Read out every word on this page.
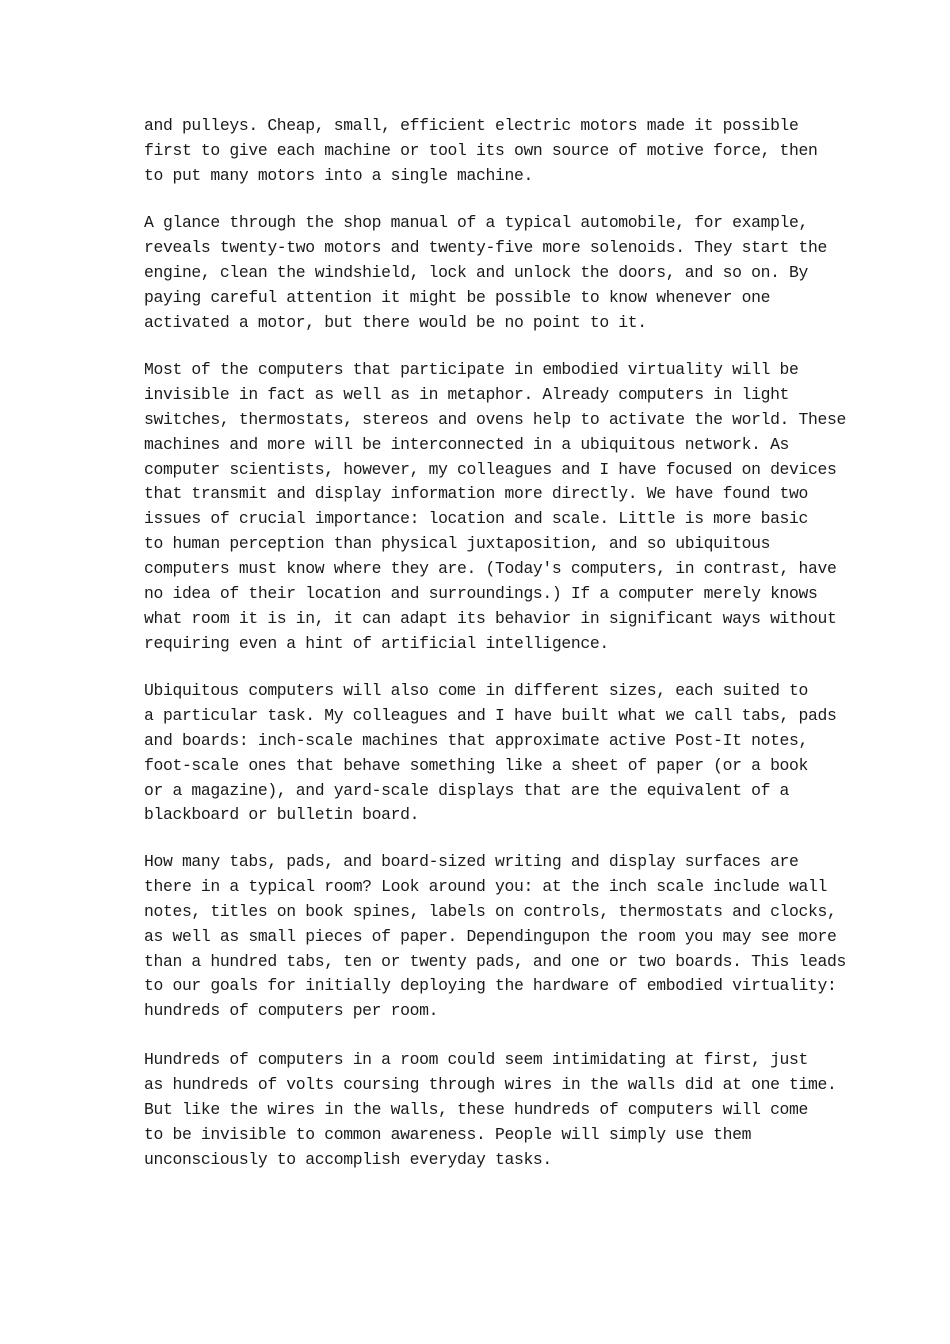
and pulleys. Cheap, small, efficient electric motors made it possible
first to give each machine or tool its own source of motive force, then
to put many motors into a single machine.
A glance through the shop manual of a typical automobile, for example,
reveals twenty-two motors and twenty-five more solenoids. They start the
engine, clean the windshield, lock and unlock the doors, and so on. By
paying careful attention it might be possible to know whenever one
activated a motor, but there would be no point to it.
Most of the computers that participate in embodied virtuality will be
invisible in fact as well as in metaphor. Already computers in light
switches, thermostats, stereos and ovens help to activate the world. These
machines and more will be interconnected in a ubiquitous network. As
computer scientists, however, my colleagues and I have focused on devices
that transmit and display information more directly. We have found two
issues of crucial importance: location and scale. Little is more basic
to human perception than physical juxtaposition, and so ubiquitous
computers must know where they are. (Today's computers, in contrast, have
no idea of their location and surroundings.) If a computer merely knows
what room it is in, it can adapt its behavior in significant ways without
requiring even a hint of artificial intelligence.
Ubiquitous computers will also come in different sizes, each suited to
a particular task. My colleagues and I have built what we call tabs, pads
and boards: inch-scale machines that approximate active Post-It notes,
foot-scale ones that behave something like a sheet of paper (or a book
or a magazine), and yard-scale displays that are the equivalent of a
blackboard or bulletin board.
How many tabs, pads, and board-sized writing and display surfaces are
there in a typical room? Look around you: at the inch scale include wall
notes, titles on book spines, labels on controls, thermostats and clocks,
as well as small pieces of paper. Dependingupon the room you may see more
than a hundred tabs, ten or twenty pads, and one or two boards. This leads
to our goals for initially deploying the hardware of embodied virtuality:
hundreds of computers per room.
Hundreds of computers in a room could seem intimidating at first, just
as hundreds of volts coursing through wires in the walls did at one time.
But like the wires in the walls, these hundreds of computers will come
to be invisible to common awareness. People will simply use them
unconsciously to accomplish everyday tasks.
